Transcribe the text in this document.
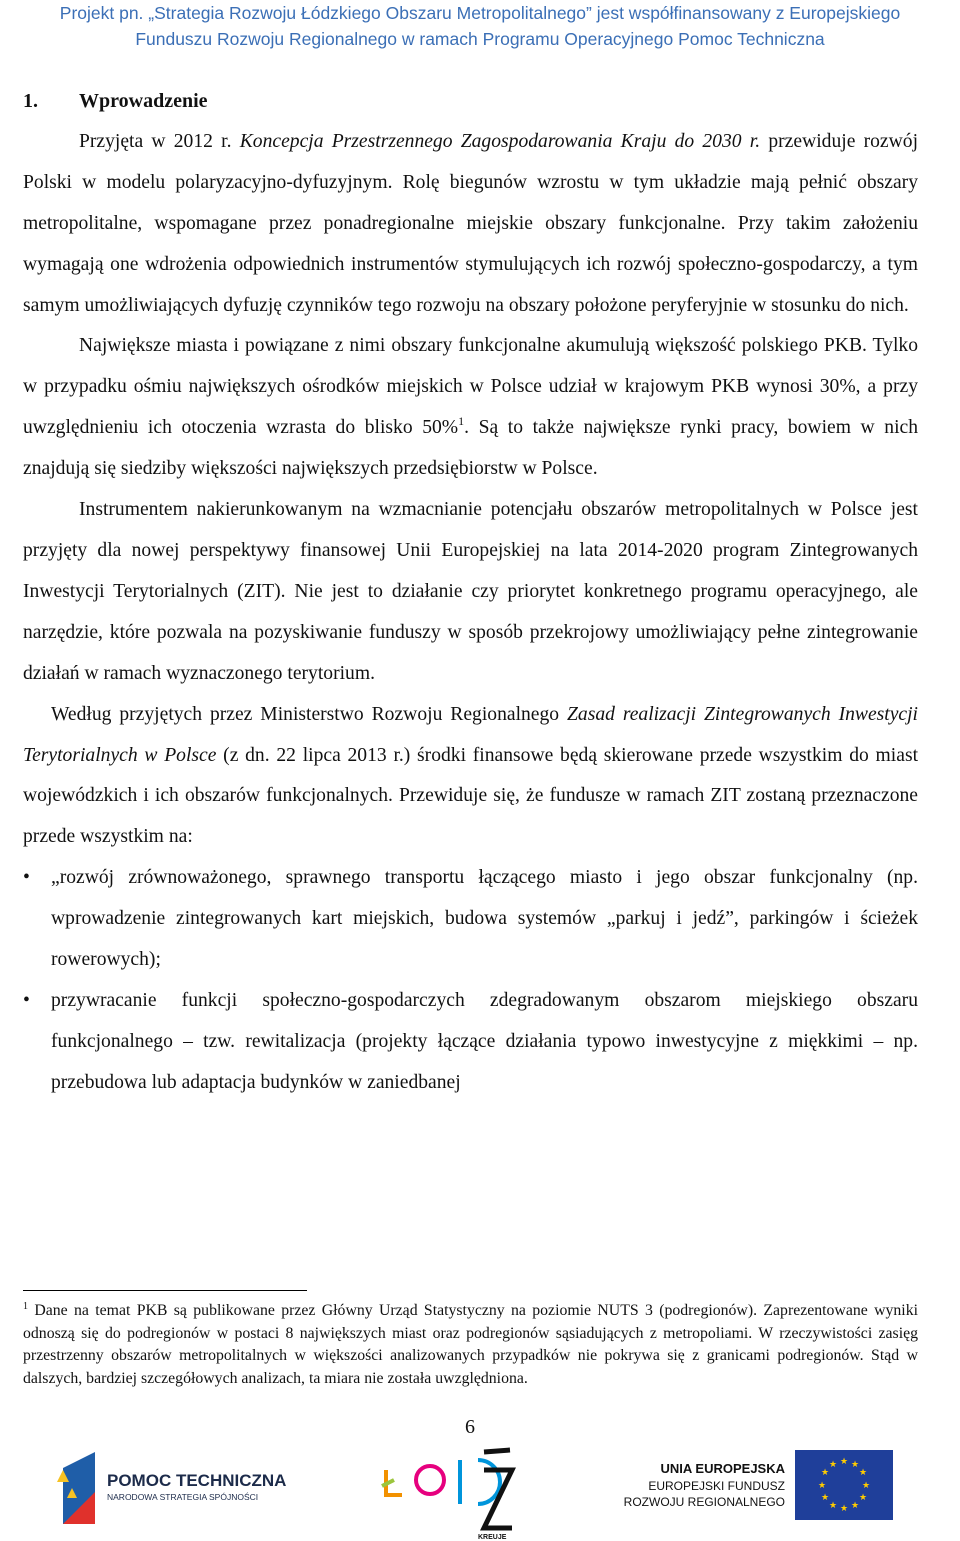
Projekt pn. „Strategia Rozwoju Łódzkiego Obszaru Metropolitalnego” jest współfinansowany z Europejskiego
Funduszu Rozwoju Regionalnego w ramach Programu Operacyjnego Pomoc Techniczna
1. Wprowadzenie

Przyjęta w 2012 r. Koncepcja Przestrzennego Zagospodarowania Kraju do 2030 r. przewiduje rozwój Polski w modelu polaryzacyjno-dyfuzyjnym. Rolę biegunów wzrostu w tym układzie mają pełnić obszary metropolitalne, wspomagane przez ponadregionalne miejskie obszary funkcjonalne. Przy takim założeniu wymagają one wdrożenia odpowiednich instrumentów stymulujących ich rozwój społeczno-gospodarczy, a tym samym umożliwiających dyfuzję czynników tego rozwoju na obszary położone peryferyjnie w stosunku do nich.

Największe miasta i powiązane z nimi obszary funkcjonalne akumulują większość polskiego PKB. Tylko w przypadku ośmiu największych ośrodków miejskich w Polsce udział w krajowym PKB wynosi 30%, a przy uwzględnieniu ich otoczenia wzrasta do blisko 50%$^1$. Są to także największe rynki pracy, bowiem w nich znajdują się siedziby większości największych przedsiębiorstw w Polsce.

Instrumentem nakierunkowanym na wzmacnianie potencjału obszarów metropolitalnych w Polsce jest przyjęty dla nowej perspektywy finansowej Unii Europejskiej na lata 2014-2020 program Zintegrowanych Inwestycji Terytorialnych (ZIT). Nie jest to działanie czy priorytet konkretnego programu operacyjnego, ale narzędzie, które pozwala na pozyskiwanie funduszy w sposób przekrojowy umożliwiający pełne zintegrowanie działań w ramach wyznaczonego terytorium.

Według przyjętych przez Ministerstwo Rozwoju Regionalnego Zasad realizacji Zintegrowanych Inwestycji Terytorialnych w Polsce (z dn. 22 lipca 2013 r.) środki finansowe będą skierowane przede wszystkim do miast wojewódzkich i ich obszarów funkcjonalnych. Przewiduje się, że fundusze w ramach ZIT zostaną przeznaczone przede wszystkim na:

• „rozwój zrównoważonego, sprawnego transportu łączącego miasto i jego obszar funkcjonalny (np. wprowadzenie zintegrowanych kart miejskich, budowa systemów „parkuj i jedź”, parkingów i ścieżek rowerowych);
• przywracanie funkcji społeczno-gospodarczych zdegradowanym obszarom miejskiego obszaru funkcjonalnego – tzw. rewitalizacja (projekty łączące działania typowo inwestycyjne z miękkimi – np. przebudowa lub adaptacja budynków w zaniedbanej
$^1$ Dane na temat PKB są publikowane przez Główny Urząd Statystyczny na poziomie NUTS 3 (podregionów). Zaprezentowane wyniki odnoszą się do podregionów w postaci 8 największych miast oraz podregionów sąsiadujących z metropoliami. W rzeczywistości zasięg przestrzenny obszarów metropolitalnych w większości analizowanych przypadków nie pokrywa się z granicami podregionów. Stąd w dalszych, bardziej szczegółowych analizach, ta miara nie została uwzględniona.
6
POMOC TECHNICZNA
NARODOWA STRATEGIA SPÓJNOŚCI
KREUJE
UNIA EUROPEJSKA
EUROPEJSKI FUNDUSZ
ROZWOJU REGIONALNEGO
★ ★
★
★
★
★
★
★
★
★
★
★
